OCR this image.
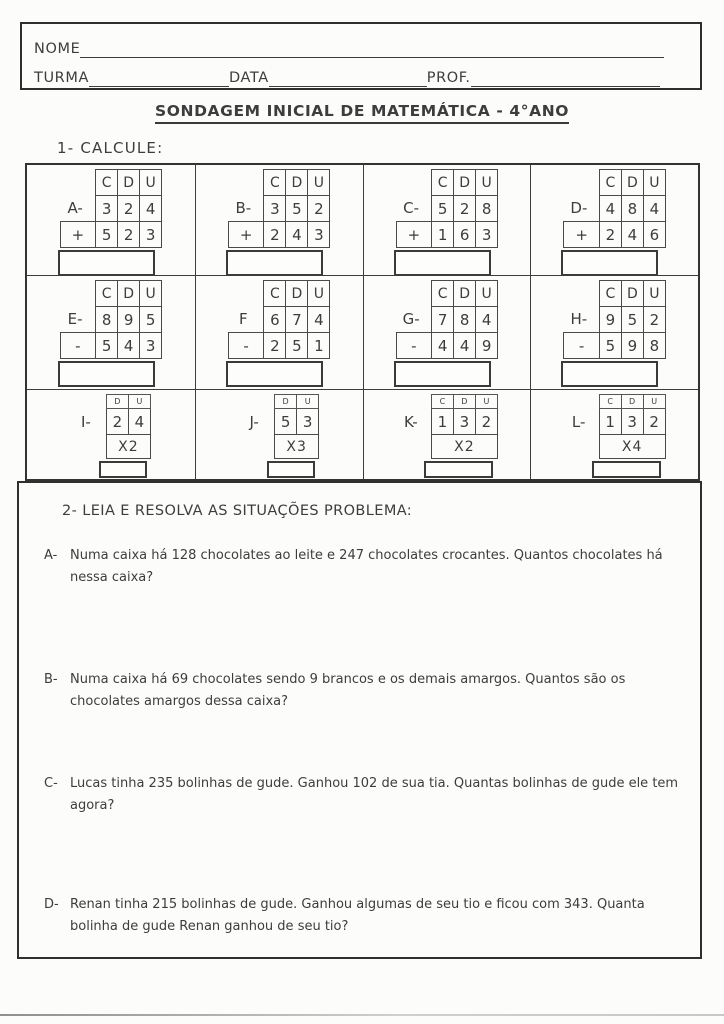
NOME
TURMA	DATA	PROF.
SONDAGEM INICIAL DE MATEMÁTICA - 4°ANO
1- CALCULE:
	C	D	U
A-	3	2	4
+	5	2	3
	C	D	U
B-	3	5	2
+	2	4	3
	C	D	U
C-	5	2	8
+	1	6	3
	C	D	U
D-	4	8	4
+	2	4	6
	C	D	U
E-	8	9	5
-	5	4	3
	C	D	U
F	6	7	4
-	2	5	1
	C	D	U
G-	7	8	4
-	4	4	9
	C	D	U
H-	9	5	2
-	5	9	8
	D	U
I-	2	4
	X2	
	D	U
J-	5	3
	X3	
	C	D	U
K-	1	3	2
	X2		
	C	D	U
L-	1	3	2
	X4		
2- LEIA E RESOLVA AS SITUAÇÕES PROBLEMA:
A- Numa caixa há 128 chocolates ao leite e 247 chocolates crocantes. Quantos chocolates há nessa caixa?
B- Numa caixa há 69 chocolates sendo 9 brancos e os demais amargos. Quantos são os chocolates amargos dessa caixa?
C- Lucas tinha 235 bolinhas de gude. Ganhou 102 de sua tia. Quantas bolinhas de gude ele tem agora?
D- Renan tinha 215 bolinhas de gude. Ganhou algumas de seu tio e ficou com 343. Quanta bolinha de gude Renan ganhou de seu tio?
